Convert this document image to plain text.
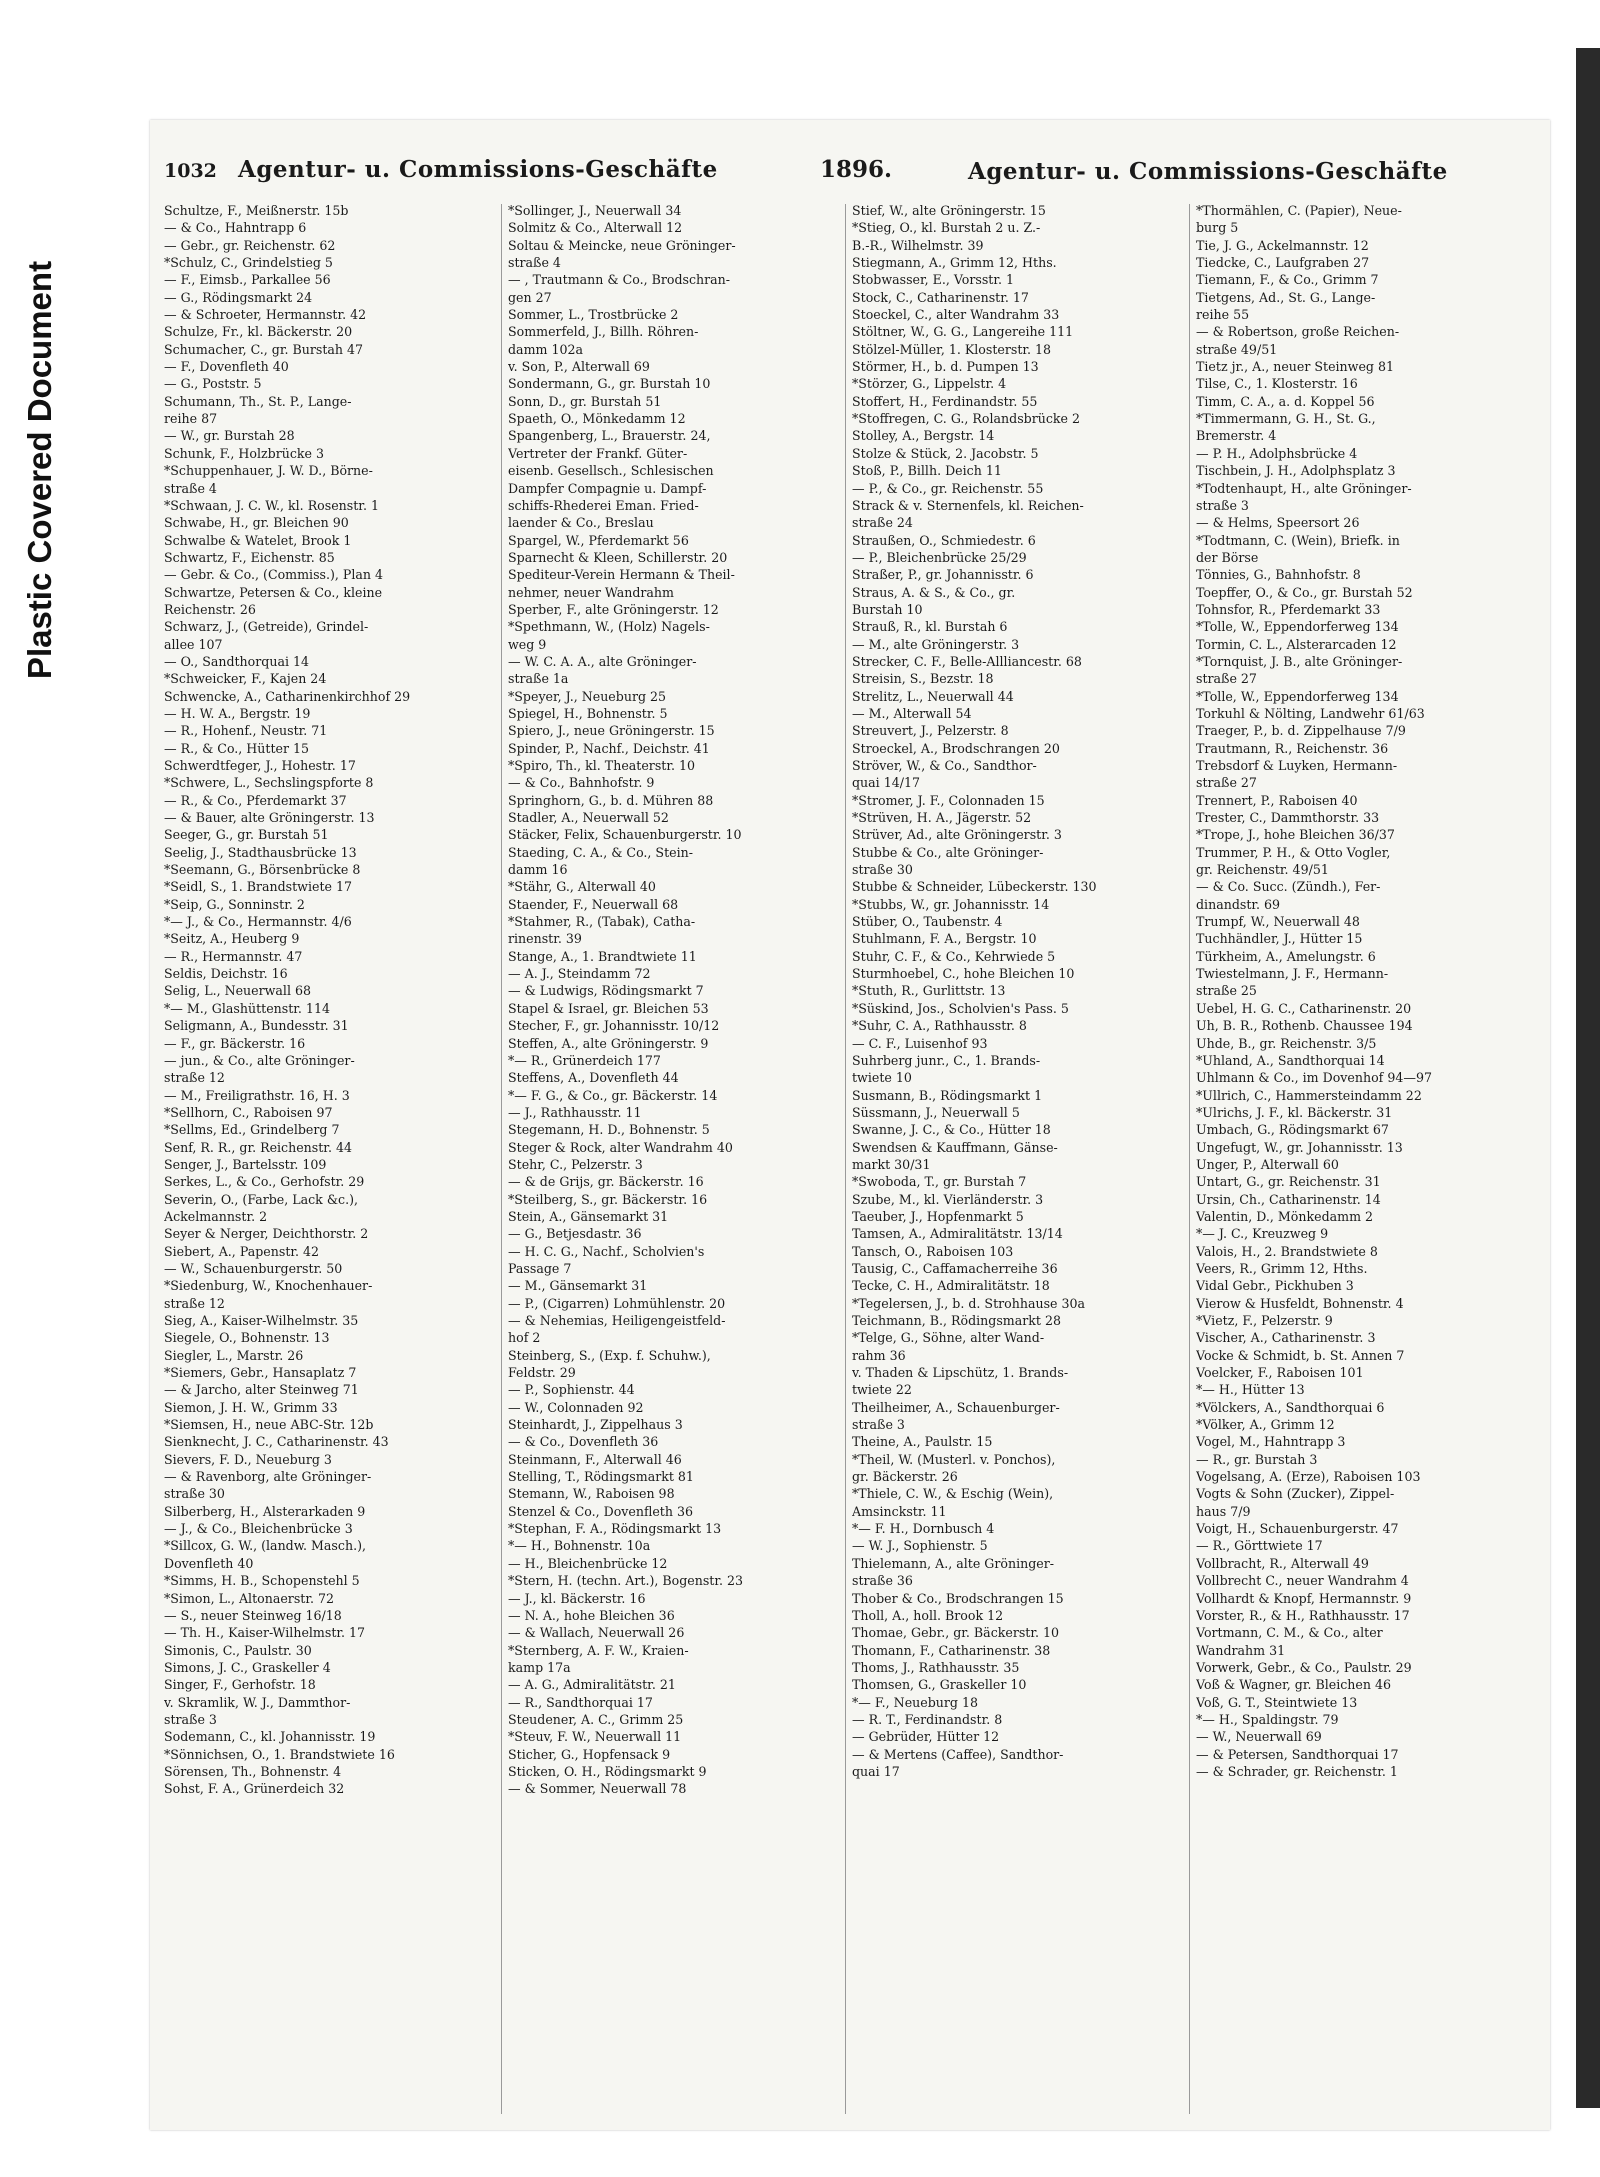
Plastic Covered Document
1032 Agentur- u. Commissions-Geschäfte	1896.	Agentur- u. Commissions-Geschäfte
Schultze, F., Meißnerstr. 15b
— & Co., Hahntrapp 6
— Gebr., gr. Reichenstr. 62
*Schulz, C., Grindelstieg 5
— F., Eimsb., Parkallee 56
— G., Rödingsmarkt 24
— & Schroeter, Hermannstr. 42
Schulze, Fr., kl. Bäckerstr. 20
Schumacher, C., gr. Burstah 47
— F., Dovenfleth 40
— G., Poststr. 5
Schumann, Th., St. P., Lange-
reihe 87
— W., gr. Burstah 28
Schunk, F., Holzbrücke 3
*Schuppenhauer, J. W. D., Börne-
straße 4
*Schwaan, J. C. W., kl. Rosenstr. 1
Schwabe, H., gr. Bleichen 90
Schwalbe & Watelet, Brook 1
Schwartz, F., Eichenstr. 85
— Gebr. & Co., (Commiss.), Plan 4
Schwartze, Petersen & Co., kleine
Reichenstr. 26
Schwarz, J., (Getreide), Grindel-
allee 107
— O., Sandthorquai 14
*Schweicker, F., Kajen 24
Schwencke, A., Catharinenkirchhof 29
— H. W. A., Bergstr. 19
— R., Hohenf., Neustr. 71
— R., & Co., Hütter 15
Schwerdtfeger, J., Hohestr. 17
*Schwere, L., Sechslingspforte 8
— R., & Co., Pferdemarkt 37
— & Bauer, alte Gröningerstr. 13
Seeger, G., gr. Burstah 51
Seelig, J., Stadthausbrücke 13
*Seemann, G., Börsenbrücke 8
*Seidl, S., 1. Brandstwiete 17
*Seip, G., Sonninstr. 2
*— J., & Co., Hermannstr. 4/6
*Seitz, A., Heuberg 9
— R., Hermannstr. 47
Seldis, Deichstr. 16
Selig, L., Neuerwall 68
*— M., Glashüttenstr. 114
Seligmann, A., Bundesstr. 31
— F., gr. Bäckerstr. 16
— jun., & Co., alte Gröninger-
straße 12
— M., Freiligrathstr. 16, H. 3
*Sellhorn, C., Raboisen 97
*Sellms, Ed., Grindelberg 7
Senf, R. R., gr. Reichenstr. 44
Senger, J., Bartelsstr. 109
Serkes, L., & Co., Gerhofstr. 29
Severin, O., (Farbe, Lack &c.),
Ackelmannstr. 2
Seyer & Nerger, Deichthorstr. 2
Siebert, A., Papenstr. 42
— W., Schauenburgerstr. 50
*Siedenburg, W., Knochenhauer-
straße 12
Sieg, A., Kaiser-Wilhelmstr. 35
Siegele, O., Bohnenstr. 13
Siegler, L., Marstr. 26
*Siemers, Gebr., Hansaplatz 7
— & Jarcho, alter Steinweg 71
Siemon, J. H. W., Grimm 33
*Siemsen, H., neue ABC-Str. 12b
Sienknecht, J. C., Catharinenstr. 43
Sievers, F. D., Neueburg 3
— & Ravenborg, alte Gröninger-
straße 30
Silberberg, H., Alsterarkaden 9
— J., & Co., Bleichenbrücke 3
*Sillcox, G. W., (landw. Masch.),
Dovenfleth 40
*Simms, H. B., Schopenstehl 5
*Simon, L., Altonaerstr. 72
— S., neuer Steinweg 16/18
— Th. H., Kaiser-Wilhelmstr. 17
Simonis, C., Paulstr. 30
Simons, J. C., Graskeller 4
Singer, F., Gerhofstr. 18
v. Skramlik, W. J., Dammthor-
straße 3
Sodemann, C., kl. Johannisstr. 19
*Sönnichsen, O., 1. Brandstwiete 16
Sörensen, Th., Bohnenstr. 4
Sohst, F. A., Grünerdeich 32
*Sollinger, J., Neuerwall 34
Solmitz & Co., Alterwall 12
Soltau & Meincke, neue Gröninger-
straße 4
— , Trautmann & Co., Brodschran-
gen 27
Sommer, L., Trostbrücke 2
Sommerfeld, J., Billh. Röhren-
damm 102a
v. Son, P., Alterwall 69
Sondermann, G., gr. Burstah 10
Sonn, D., gr. Burstah 51
Spaeth, O., Mönkedamm 12
Spangenberg, L., Brauerstr. 24,
Vertreter der Frankf. Güter-
eisenb. Gesellsch., Schlesischen
Dampfer Compagnie u. Dampf-
schiffs-Rhederei Eman. Fried-
laender & Co., Breslau
Spargel, W., Pferdemarkt 56
Sparnecht & Kleen, Schillerstr. 20
Spediteur-Verein Hermann & Theil-
nehmer, neuer Wandrahm
Sperber, F., alte Gröningerstr. 12
*Spethmann, W., (Holz) Nagels-
weg 9
— W. C. A. A., alte Gröninger-
straße 1a
*Speyer, J., Neueburg 25
Spiegel, H., Bohnenstr. 5
Spiero, J., neue Gröningerstr. 15
Spinder, P., Nachf., Deichstr. 41
*Spiro, Th., kl. Theaterstr. 10
— & Co., Bahnhofstr. 9
Springhorn, G., b. d. Mühren 88
Stadler, A., Neuerwall 52
Stäcker, Felix, Schauenburgerstr. 10
Staeding, C. A., & Co., Stein-
damm 16
*Stähr, G., Alterwall 40
Staender, F., Neuerwall 68
*Stahmer, R., (Tabak), Catha-
rinenstr. 39
Stange, A., 1. Brandtwiete 11
— A. J., Steindamm 72
— & Ludwigs, Rödingsmarkt 7
Stapel & Israel, gr. Bleichen 53
Stecher, F., gr. Johannisstr. 10/12
Steffen, A., alte Gröningerstr. 9
*— R., Grünerdeich 177
Steffens, A., Dovenfleth 44
*— F. G., & Co., gr. Bäckerstr. 14
— J., Rathhausstr. 11
Stegemann, H. D., Bohnenstr. 5
Steger & Rock, alter Wandrahm 40
Stehr, C., Pelzerstr. 3
— & de Grijs, gr. Bäckerstr. 16
*Steilberg, S., gr. Bäckerstr. 16
Stein, A., Gänsemarkt 31
— G., Betjesdastr. 36
— H. C. G., Nachf., Scholvien's
Passage 7
— M., Gänsemarkt 31
— P., (Cigarren) Lohmühlenstr. 20
— & Nehemias, Heiligengeistfeld-
hof 2
Steinberg, S., (Exp. f. Schuhw.),
Feldstr. 29
— P., Sophienstr. 44
— W., Colonnaden 92
Steinhardt, J., Zippelhaus 3
— & Co., Dovenfleth 36
Steinmann, F., Alterwall 46
Stelling, T., Rödingsmarkt 81
Stemann, W., Raboisen 98
Stenzel & Co., Dovenfleth 36
*Stephan, F. A., Rödingsmarkt 13
*— H., Bohnenstr. 10a
— H., Bleichenbrücke 12
*Stern, H. (techn. Art.), Bogenstr. 23
— J., kl. Bäckerstr. 16
— N. A., hohe Bleichen 36
— & Wallach, Neuerwall 26
*Sternberg, A. F. W., Kraien-
kamp 17a
— A. G., Admiralitätstr. 21
— R., Sandthorquai 17
Steudener, A. C., Grimm 25
*Steuv, F. W., Neuerwall 11
Sticher, G., Hopfensack 9
Sticken, O. H., Rödingsmarkt 9
— & Sommer, Neuerwall 78
Stief, W., alte Gröningerstr. 15
*Stieg, O., kl. Burstah 2 u. Z.-
B.-R., Wilhelmstr. 39
Stiegmann, A., Grimm 12, Hths.
Stobwasser, E., Vorsstr. 1
Stock, C., Catharinenstr. 17
Stoeckel, C., alter Wandrahm 33
Stöltner, W., G. G., Langereihe 111
Stölzel-Müller, 1. Klosterstr. 18
Störmer, H., b. d. Pumpen 13
*Störzer, G., Lippelstr. 4
Stoffert, H., Ferdinandstr. 55
*Stoffregen, C. G., Rolandsbrücke 2
Stolley, A., Bergstr. 14
Stolze & Stück, 2. Jacobstr. 5
Stoß, P., Billh. Deich 11
— P., & Co., gr. Reichenstr. 55
Strack & v. Sternenfels, kl. Reichen-
straße 24
Straußen, O., Schmiedestr. 6
— P., Bleichenbrücke 25/29
Straßer, P., gr. Johannisstr. 6
Straus, A. & S., & Co., gr.
Burstah 10
Strauß, R., kl. Burstah 6
— M., alte Gröningerstr. 3
Strecker, C. F., Belle-Allliancestr. 68
Streisin, S., Bezstr. 18
Strelitz, L., Neuerwall 44
— M., Alterwall 54
Streuvert, J., Pelzerstr. 8
Stroeckel, A., Brodschrangen 20
Ströver, W., & Co., Sandthor-
quai 14/17
*Stromer, J. F., Colonnaden 15
*Strüven, H. A., Jägerstr. 52
Strüver, Ad., alte Gröningerstr. 3
Stubbe & Co., alte Gröninger-
straße 30
Stubbe & Schneider, Lübeckerstr. 130
*Stubbs, W., gr. Johannisstr. 14
Stüber, O., Taubenstr. 4
Stuhlmann, F. A., Bergstr. 10
Stuhr, C. F., & Co., Kehrwiede 5
Sturmhoebel, C., hohe Bleichen 10
*Stuth, R., Gurlittstr. 13
*Süskind, Jos., Scholvien's Pass. 5
*Suhr, C. A., Rathhausstr. 8
— C. F., Luisenhof 93
Suhrberg junr., C., 1. Brands-
twiete 10
Susmann, B., Rödingsmarkt 1
Süssmann, J., Neuerwall 5
Swanne, J. C., & Co., Hütter 18
Swendsen & Kauffmann, Gänse-
markt 30/31
*Swoboda, T., gr. Burstah 7
Szube, M., kl. Vierländerstr. 3
Taeuber, J., Hopfenmarkt 5
Tamsen, A., Admiralitätstr. 13/14
Tansch, O., Raboisen 103
Tausig, C., Caffamacherreihe 36
Tecke, C. H., Admiralitätstr. 18
*Tegelersen, J., b. d. Strohhause 30a
Teichmann, B., Rödingsmarkt 28
*Telge, G., Söhne, alter Wand-
rahm 36
v. Thaden & Lipschütz, 1. Brands-
twiete 22
Theilheimer, A., Schauenburger-
straße 3
Theine, A., Paulstr. 15
*Theil, W. (Musterl. v. Ponchos),
gr. Bäckerstr. 26
*Thiele, C. W., & Eschig (Wein),
Amsinckstr. 11
*— F. H., Dornbusch 4
— W. J., Sophienstr. 5
Thielemann, A., alte Gröninger-
straße 36
Thober & Co., Brodschrangen 15
Tholl, A., holl. Brook 12
Thomae, Gebr., gr. Bäckerstr. 10
Thomann, F., Catharinenstr. 38
Thoms, J., Rathhausstr. 35
Thomsen, G., Graskeller 10
*— F., Neueburg 18
— R. T., Ferdinandstr. 8
— Gebrüder, Hütter 12
— & Mertens (Caffee), Sandthor-
quai 17
*Thormählen, C. (Papier), Neue-
burg 5
Tie, J. G., Ackelmannstr. 12
Tiedcke, C., Laufgraben 27
Tiemann, F., & Co., Grimm 7
Tietgens, Ad., St. G., Lange-
reihe 55
— & Robertson, große Reichen-
straße 49/51
Tietz jr., A., neuer Steinweg 81
Tilse, C., 1. Klosterstr. 16
Timm, C. A., a. d. Koppel 56
*Timmermann, G. H., St. G.,
Bremerstr. 4
— P. H., Adolphsbrücke 4
Tischbein, J. H., Adolphsplatz 3
*Todtenhaupt, H., alte Gröninger-
straße 3
— & Helms, Speersort 26
*Todtmann, C. (Wein), Briefk. in
der Börse
Tönnies, G., Bahnhofstr. 8
Toepffer, O., & Co., gr. Burstah 52
Tohnsfor, R., Pferdemarkt 33
*Tolle, W., Eppendorferweg 134
Tormin, C. L., Alsterarcaden 12
*Tornquist, J. B., alte Gröninger-
straße 27
*Tolle, W., Eppendorferweg 134
Torkuhl & Nölting, Landwehr 61/63
Traeger, P., b. d. Zippelhause 7/9
Trautmann, R., Reichenstr. 36
Trebsdorf & Luyken, Hermann-
straße 27
Trennert, P., Raboisen 40
Trester, C., Dammthorstr. 33
*Trope, J., hohe Bleichen 36/37
Trummer, P. H., & Otto Vogler,
gr. Reichenstr. 49/51
— & Co. Succ. (Zündh.), Fer-
dinandstr. 69
Trumpf, W., Neuerwall 48
Tuchhändler, J., Hütter 15
Türkheim, A., Amelungstr. 6
Twiestelmann, J. F., Hermann-
straße 25
Uebel, H. G. C., Catharinenstr. 20
Uh, B. R., Rothenb. Chaussee 194
Uhde, B., gr. Reichenstr. 3/5
*Uhland, A., Sandthorquai 14
Uhlmann & Co., im Dovenhof 94—97
*Ullrich, C., Hammersteindamm 22
*Ulrichs, J. F., kl. Bäckerstr. 31
Umbach, G., Rödingsmarkt 67
Ungefugt, W., gr. Johannisstr. 13
Unger, P., Alterwall 60
Untart, G., gr. Reichenstr. 31
Ursin, Ch., Catharinenstr. 14
Valentin, D., Mönkedamm 2
*— J. C., Kreuzweg 9
Valois, H., 2. Brandstwiete 8
Veers, R., Grimm 12, Hths.
Vidal Gebr., Pickhuben 3
Vierow & Husfeldt, Bohnenstr. 4
*Vietz, F., Pelzerstr. 9
Vischer, A., Catharinenstr. 3
Vocke & Schmidt, b. St. Annen 7
Voelcker, F., Raboisen 101
*— H., Hütter 13
*Völckers, A., Sandthorquai 6
*Völker, A., Grimm 12
Vogel, M., Hahntrapp 3
— R., gr. Burstah 3
Vogelsang, A. (Erze), Raboisen 103
Vogts & Sohn (Zucker), Zippel-
haus 7/9
Voigt, H., Schauenburgerstr. 47
— R., Görttwiete 17
Vollbracht, R., Alterwall 49
Vollbrecht C., neuer Wandrahm 4
Vollhardt & Knopf, Hermannstr. 9
Vorster, R., & H., Rathhausstr. 17
Vortmann, C. M., & Co., alter
Wandrahm 31
Vorwerk, Gebr., & Co., Paulstr. 29
Voß & Wagner, gr. Bleichen 46
Voß, G. T., Steintwiete 13
*— H., Spaldingstr. 79
— W., Neuerwall 69
— & Petersen, Sandthorquai 17
— & Schrader, gr. Reichenstr. 1
